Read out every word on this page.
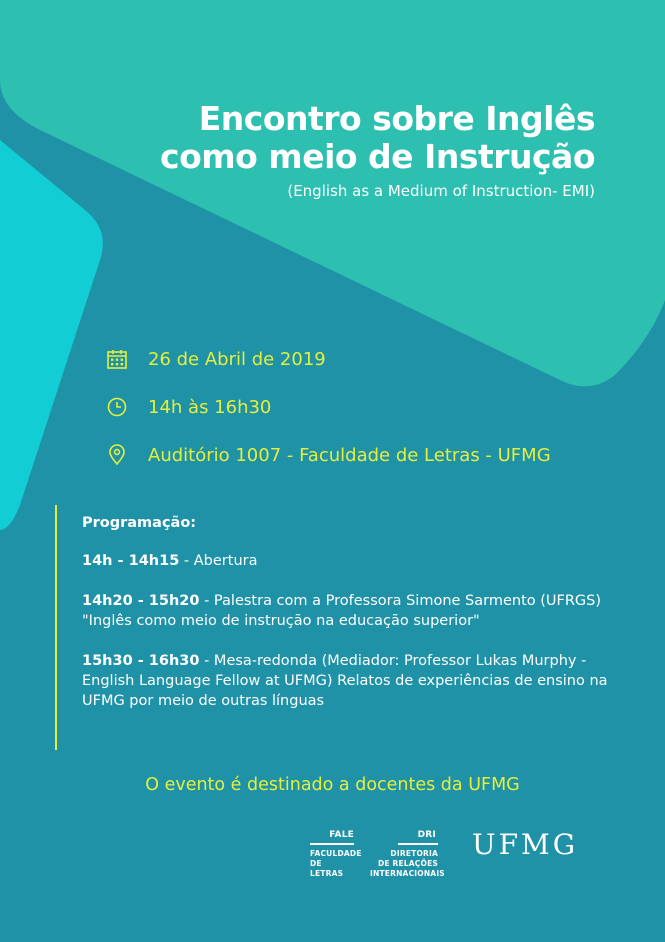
Encontro sobre Inglês
como meio de Instrução
(English as a Medium of Instruction- EMI)
26 de Abril de 2019
14h às 16h30
Auditório 1007 - Faculdade de Letras - UFMG
Programação:
14h - 14h15 - Abertura
14h20 - 15h20 - Palestra com a Professora Simone Sarmento (UFRGS) "Inglês como meio de instrução na educação superior"
15h30 - 16h30 - Mesa-redonda (Mediador: Professor Lukas Murphy - English Language Fellow at UFMG) Relatos de experiências de ensino na UFMG por meio de outras línguas
O evento é destinado a docentes da UFMG
FALE
FACULDADE
DE LETRAS
DRI
DIRETORIA
DE RELAÇÕES
INTERNACIONAIS
UFMG
